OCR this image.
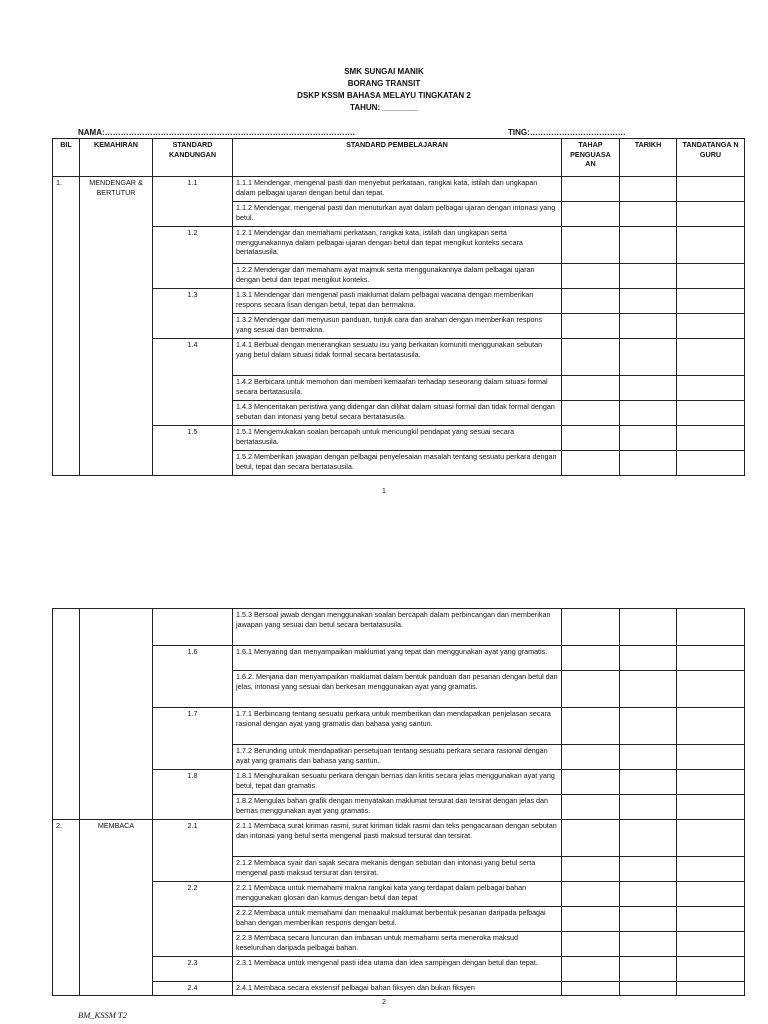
SMK SUNGAI MANIK
BORANG TRANSIT
DSKP KSSM BAHASA MELAYU TINGKATAN 2
TAHUN: ________
NAMA:………………………………………………………………………………….	TING:………………………………
BIL	KEMAHIRAN	STANDARD KANDUNGAN	STANDARD PEMBELAJARAN	TAHAP PENGUASA AN	TARIKH	TANDATANGA N GURU
1.	MENDENGAR & BERTUTUR	1.1	1.1.1 Mendengar, mengenal pasti dan menyebut perkataan, rangkai kata, istilah dan ungkapan dalam pelbagai ujaran dengan betul dan tepat.			
			1.1.2 Mendengar, mengenal pasti dan menuturkan ayat dalam pelbagai ujaran dengan intonasi yang betul.			
		1.2	1.2.1 Mendengar dan memahami perkataan, rangkai kata, istilah dan ungkapan serta menggunakannya dalam pelbagai ujaran dengan betul dan tepat mengikut konteks secara bertatasusila.			
			1.2.2 Mendengar dan memahami ayat majmuk serta menggunakannya dalam pelbagai ujaran dengan betul dan tepat mengikut konteks.			
		1.3	1.3.1 Mendengar dan mengenal pasti maklumat dalam pelbagai wacana dengan memberikan respons secara lisan dengan betul, tepat dan bermakna.			
			1.3.2 Mendengar dan menyusun panduan, tunjuk cara dan arahan dengan memberikan respons yang sesuai dan bermakna.			
		1.4	1.4.1 Berbual dengan menerangkan sesuatu isu yang berkaitan komuniti menggunakan sebutan yang betul dalam situasi tidak formal secara bertatasusila.			
			1.4.2 Berbicara untuk memohon dan memberi kemaafan terhadap seseorang dalam situasi formal secara bertatasusila.			
			1.4.3 Menceritakan peristiwa yang didengar dan dilihat dalam situasi formal dan tidak formal dengan sebutan dan intonasi yang betul secara bertatasusila.			
		1.5	1.5.1 Mengemukakan soalan bercapah untuk mencungkil pendapat yang sesuai secara bertatasusila.			
			1.5.2 Memberikan jawapan dengan pelbagai penyelesaian masalah tentang sesuatu perkara dengan betul, tepat dan secara bertatasusila.			
1
			1.5.3 Bersoal jawab dengan menggunakan soalan bercapah dalam perbincangan dan memberikan jawapan yang sesuai dan betul secara bertatasusila.			
		1.6	1.6.1 Menyaring dan menyampaikan maklumat yang tepat dan menggunakan ayat yang gramatis.			
			1.6.2. Menjana dan menyampaikan maklumat dalam bentuk panduan dan pesanan dengan betul dan jelas, intonasi yang sesuai dan berkesan menggunakan ayat yang gramatis.			
		1.7	1.7.1 Berbincang tentang sesuatu perkara untuk memberikan dan mendapatkan penjelasan secara rasional dengan ayat yang gramatis dan bahasa yang santun.			
			1.7.2 Berunding untuk mendapatkan persetujuan tentang sesuatu perkara secara rasional dengan ayat yang gramatis dan bahasa yang santun.			
		1.8	1.8.1 Menghuraikan sesuatu perkara dengan bernas dan kritis secara jelas menggunakan ayat yang betul, tepat dan gramatis.			
			1.8.2 Mengulas bahan grafik dengan menyatakan maklumat tersurat dan tersirat dengan jelas dan bernas menggunakan ayat yang gramatis.			
2.	MEMBACA	2.1	2.1.1 Membaca surat kiriman rasmi, surat kiriman tidak rasmi dan teks pengacaraan dengan sebutan dan intonasi yang betul serta mengenal pasti maksud tersurat dan tersirat.			
			2.1.2 Membaca syair dan sajak secara mekanis dengan sebutan dan intonasi yang betul serta mengenal pasti maksud tersurat dan tersirat.			
		2.2	2.2.1 Membaca untuk memahami makna rangkai kata yang terdapat dalam pelbagai bahan menggunakan glosari dan kamus dengan betul dan tepat			
			2.2.2 Membaca untuk memahami dan menaakul maklumat berbentuk pesanan daripada pelbagai bahan dengan memberikan respons dengan betul.			
			2.2.3 Membaca secara luncuran dan imbasan untuk memahami serta meneroka maksud keseluruhan daripada pelbagai bahan.			
		2.3	2.3.1 Membaca untuk mengenal pasti idea utama dan idea sampingan dengan betul dan tepat.			
		2.4	2.4.1 Membaca secara ekstensif pelbagai bahan fiksyen dan bukan fiksyen			
2
BM_KSSM T2
